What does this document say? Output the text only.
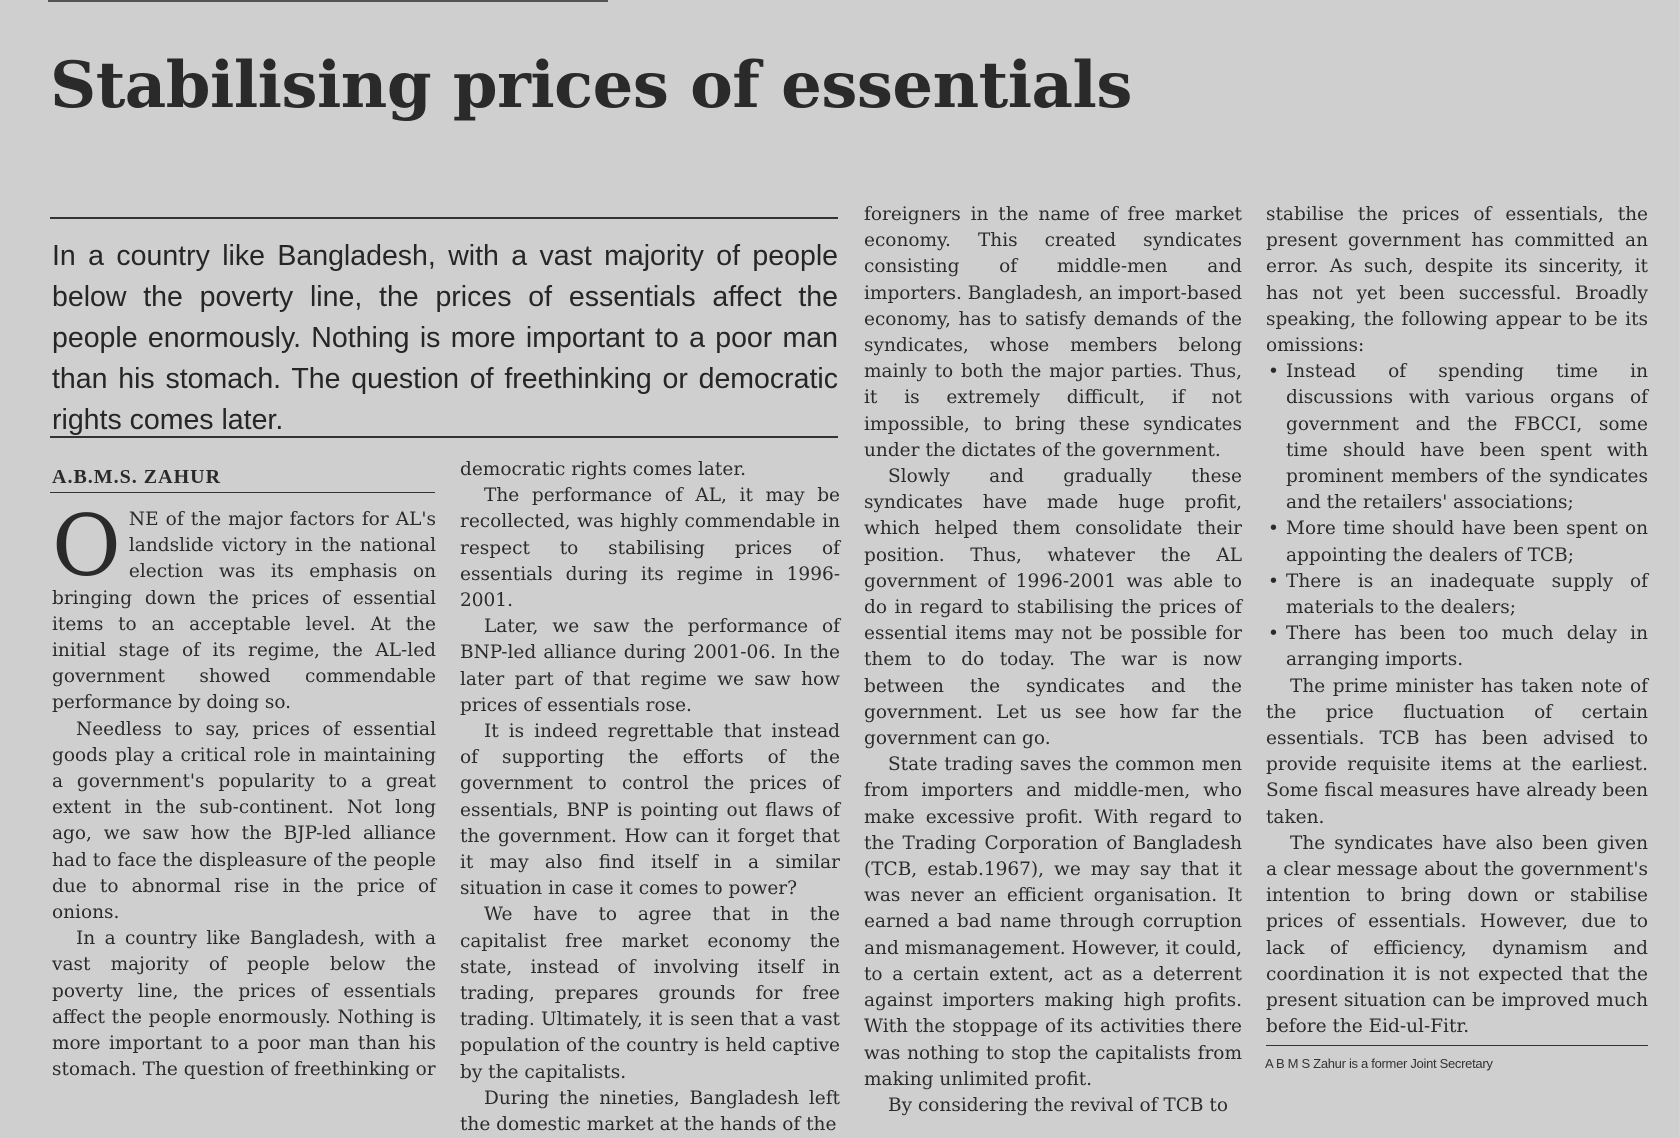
Stabilising prices of essentials

In a country like Bangladesh, with a vast majority of people below the poverty line, the prices of essentials affect the people enormously. Nothing is more important to a poor man than his stomach. The question of freethinking or democratic rights comes later.

A.B.M.S. ZAHUR

ONE of the major factors for AL's landslide victory in the national election was its emphasis on bringing down the prices of essential items to an acceptable level. At the initial stage of its regime, the AL-led government showed commendable performance by doing so.

Needless to say, prices of essential goods play a critical role in maintaining a government's popularity to a great extent in the sub-continent. Not long ago, we saw how the BJP-led alliance had to face the displeasure of the people due to abnormal rise in the price of onions.

In a country like Bangladesh, with a vast majority of people below the poverty line, the prices of essentials affect the people enormously. Nothing is more important to a poor man than his stomach. The question of freethinking or

democratic rights comes later.

The performance of AL, it may be recollected, was highly commendable in respect to stabilising prices of essentials during its regime in 1996-2001.

Later, we saw the performance of BNP-led alliance during 2001-06. In the later part of that regime we saw how prices of essentials rose.

It is indeed regrettable that instead of supporting the efforts of the government to control the prices of essentials, BNP is pointing out flaws of the government. How can it forget that it may also find itself in a similar situation in case it comes to power?

We have to agree that in the capitalist free market economy the state, instead of involving itself in trading, prepares grounds for free trading. Ultimately, it is seen that a vast population of the country is held captive by the capitalists.

During the nineties, Bangladesh left the domestic market at the hands of the

foreigners in the name of free market economy. This created syndicates consisting of middle-men and importers. Bangladesh, an import-based economy, has to satisfy demands of the syndicates, whose members belong mainly to both the major parties. Thus, it is extremely difficult, if not impossible, to bring these syndicates under the dictates of the government.

Slowly and gradually these syndicates have made huge profit, which helped them consolidate their position. Thus, whatever the AL government of 1996-2001 was able to do in regard to stabilising the prices of essential items may not be possible for them to do today. The war is now between the syndicates and the government. Let us see how far the government can go.

State trading saves the common men from importers and middle-men, who make excessive profit. With regard to the Trading Corporation of Bangladesh (TCB, estab.1967), we may say that it was never an efficient organisation. It earned a bad name through corruption and mismanagement. However, it could, to a certain extent, act as a deterrent against importers making high profits. With the stoppage of its activities there was nothing to stop the capitalists from making unlimited profit.

By considering the revival of TCB to

stabilise the prices of essentials, the present government has committed an error. As such, despite its sincerity, it has not yet been successful. Broadly speaking, the following appear to be its omissions:

• Instead of spending time in discussions with various organs of government and the FBCCI, some time should have been spent with prominent members of the syndicates and the retailers' associations;
• More time should have been spent on appointing the dealers of TCB;
• There is an inadequate supply of materials to the dealers;
• There has been too much delay in arranging imports.

The prime minister has taken note of the price fluctuation of certain essentials. TCB has been advised to provide requisite items at the earliest. Some fiscal measures have already been taken.

The syndicates have also been given a clear message about the government's intention to bring down or stabilise prices of essentials. However, due to lack of efficiency, dynamism and coordination it is not expected that the present situation can be improved much before the Eid-ul-Fitr.

A B M S Zahur is a former Joint Secretary
